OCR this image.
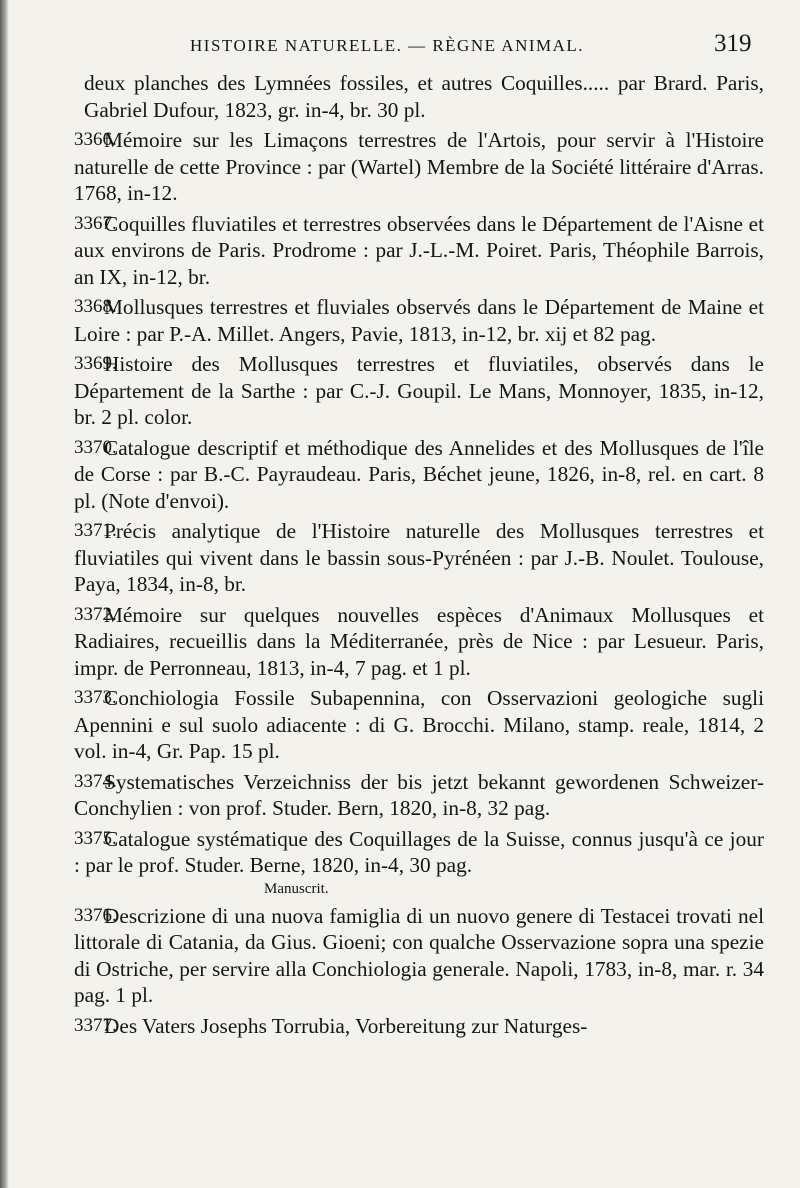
HISTOIRE NATURELLE. — RÈGNE ANIMAL.	319
deux planches des Lymnées fossiles, et autres Coquilles..... par Brard. Paris, Gabriel Dufour, 1823, gr. in-4, br. 30 pl.
3366.
Mémoire sur les Limaçons terrestres de l'Artois, pour servir à l'Histoire naturelle de cette Province : par (Wartel) Membre de la Société littéraire d'Arras. 1768, in-12.
3367.
Coquilles fluviatiles et terrestres observées dans le Département de l'Aisne et aux environs de Paris. Prodrome : par J.-L.-M. Poiret. Paris, Théophile Barrois, an IX, in-12, br.
3368.
Mollusques terrestres et fluviales observés dans le Département de Maine et Loire : par P.-A. Millet. Angers, Pavie, 1813, in-12, br. xij et 82 pag.
3369.
Histoire des Mollusques terrestres et fluviatiles, observés dans le Département de la Sarthe : par C.-J. Goupil. Le Mans, Monnoyer, 1835, in-12, br. 2 pl. color.
3370.
Catalogue descriptif et méthodique des Annelides et des Mollusques de l'île de Corse : par B.-C. Payraudeau. Paris, Béchet jeune, 1826, in-8, rel. en cart. 8 pl. (Note d'envoi).
3371.
Précis analytique de l'Histoire naturelle des Mollusques terrestres et fluviatiles qui vivent dans le bassin sous-Pyrénéen : par J.-B. Noulet. Toulouse, Paya, 1834, in-8, br.
3372.
Mémoire sur quelques nouvelles espèces d'Animaux Mollusques et Radiaires, recueillis dans la Méditerranée, près de Nice : par Lesueur. Paris, impr. de Perronneau, 1813, in-4, 7 pag. et 1 pl.
3373.
Conchiologia Fossile Subapennina, con Osservazioni geologiche sugli Apennini e sul suolo adiacente : di G. Brocchi. Milano, stamp. reale, 1814, 2 vol. in-4, Gr. Pap. 15 pl.
3374.
Systematisches Verzeichniss der bis jetzt bekannt gewordenen Schweizer-Conchylien : von prof. Studer. Bern, 1820, in-8, 32 pag.
3375.
Catalogue systématique des Coquillages de la Suisse, connus jusqu'à ce jour : par le prof. Studer. Berne, 1820, in-4, 30 pag.
Manuscrit.
3376.
Descrizione di una nuova famiglia di un nuovo genere di Testacei trovati nel littorale di Catania, da Gius. Gioeni; con qualche Osservazione sopra una spezie di Ostriche, per servire alla Conchiologia generale. Napoli, 1783, in-8, mar. r. 34 pag. 1 pl.
3377.
Des Vaters Josephs Torrubia, Vorbereitung zur Naturges-
